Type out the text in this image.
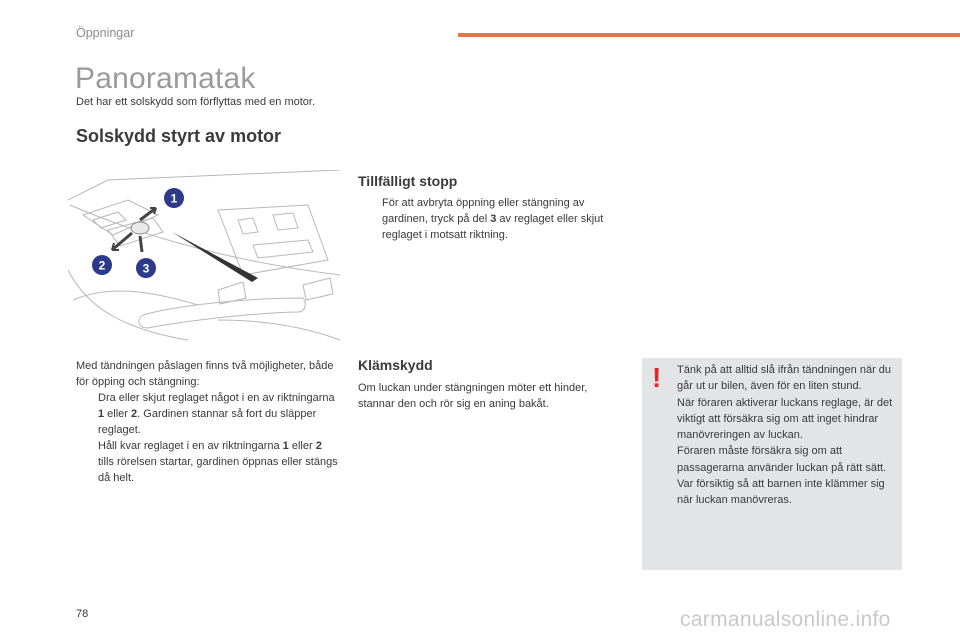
Öppningar
Panoramatak
Det har ett solskydd som förflyttas med en motor.
Solskydd styrt av motor
1
2	3
Med tändningen påslagen finns två möjligheter, både för öpping och stängning:
Dra eller skjut reglaget något i en av riktningarna 1 eller 2. Gardinen stannar så fort du släpper reglaget.
Håll kvar reglaget i en av riktningarna 1 eller 2 tills rörelsen startar, gardinen öppnas eller stängs då helt.
Tillfälligt stopp
För att avbryta öppning eller stängning av gardinen, tryck på del 3 av reglaget eller skjut reglaget i motsatt riktning.
Klämskydd
Om luckan under stängningen möter ett hinder, stannar den och rör sig en aning bakåt.
! Tänk på att alltid slå ifrån tändningen när du går ut ur bilen, även för en liten stund.
När föraren aktiverar luckans reglage, är det viktigt att försäkra sig om att inget hindrar manövreringen av luckan.
Föraren måste försäkra sig om att passagerarna använder luckan på rätt sätt.
Var försiktig så att barnen inte klämmer sig när luckan manövreras.
78	carmanualsonline.info
